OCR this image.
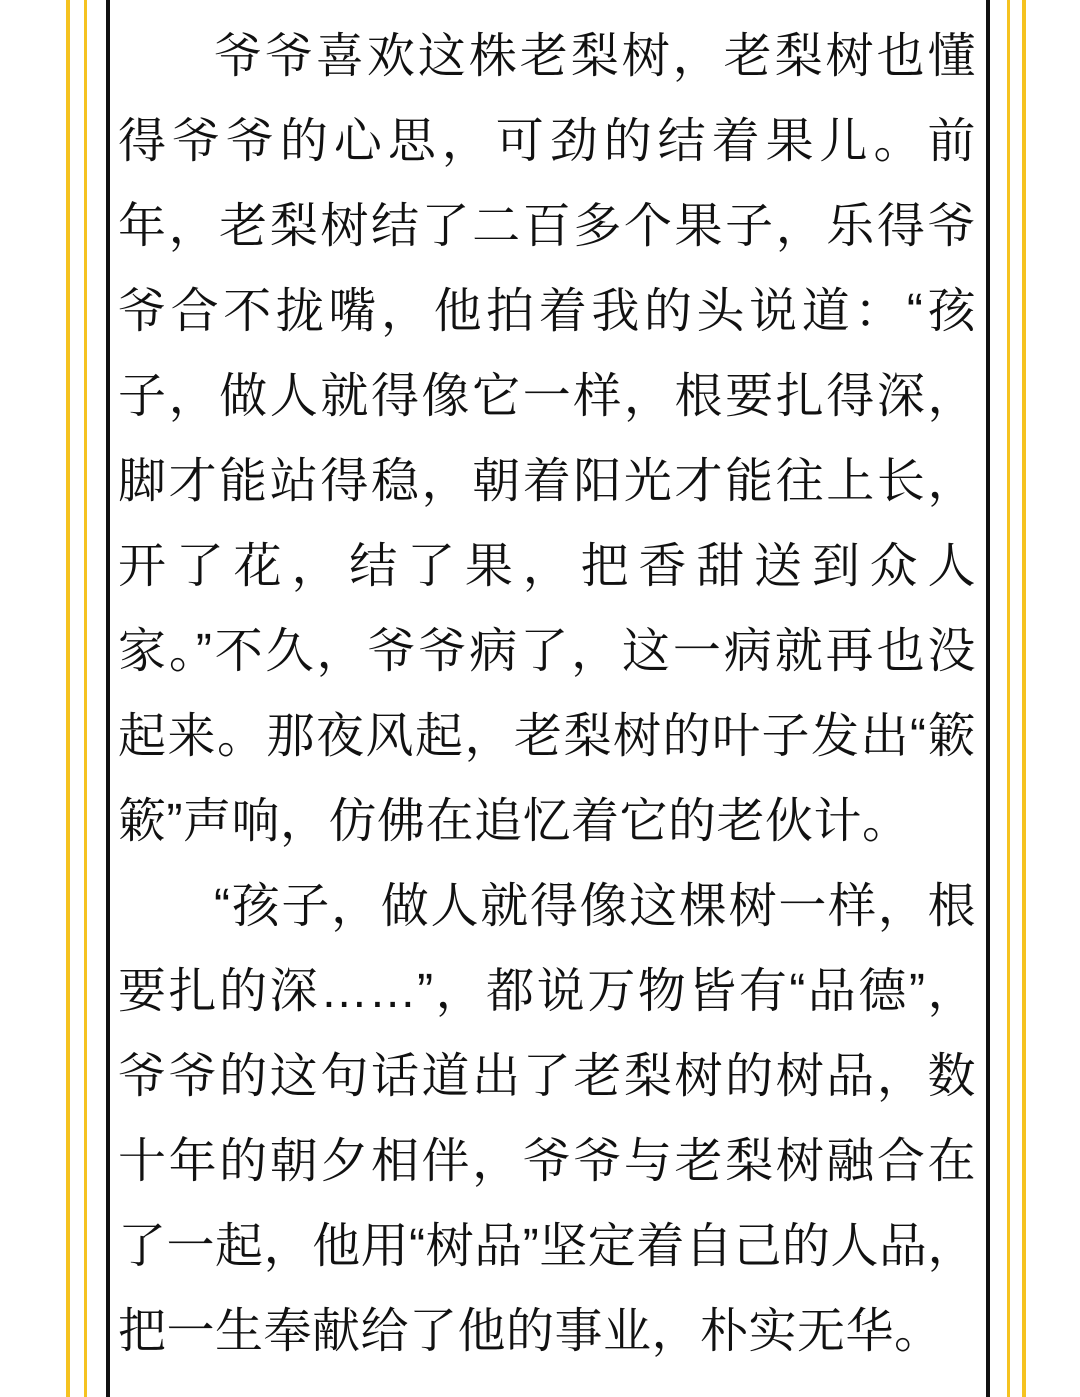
爷爷喜欢这株老梨树，老梨树也懂得爷爷的心思，可劲的结着果儿。前年，老梨树结了二百多个果子，乐得爷爷合不拢嘴，他拍着我的头说道：“孩子，做人就得像它一样，根要扎得深，脚才能站得稳，朝着阳光才能往上长，开了花，结了果，把香甜送到众人家。”不久，爷爷病了，这一病就再也没起来。那夜风起，老梨树的叶子发出“簌簌”声响，仿佛在追忆着它的老伙计。

“孩子，做人就得像这棵树一样，根要扎的深……”，都说万物皆有“品德”，爷爷的这句话道出了老梨树的树品，数十年的朝夕相伴，爷爷与老梨树融合在了一起，他用“树品”坚定着自己的人品，把一生奉献给了他的事业，朴实无华。
